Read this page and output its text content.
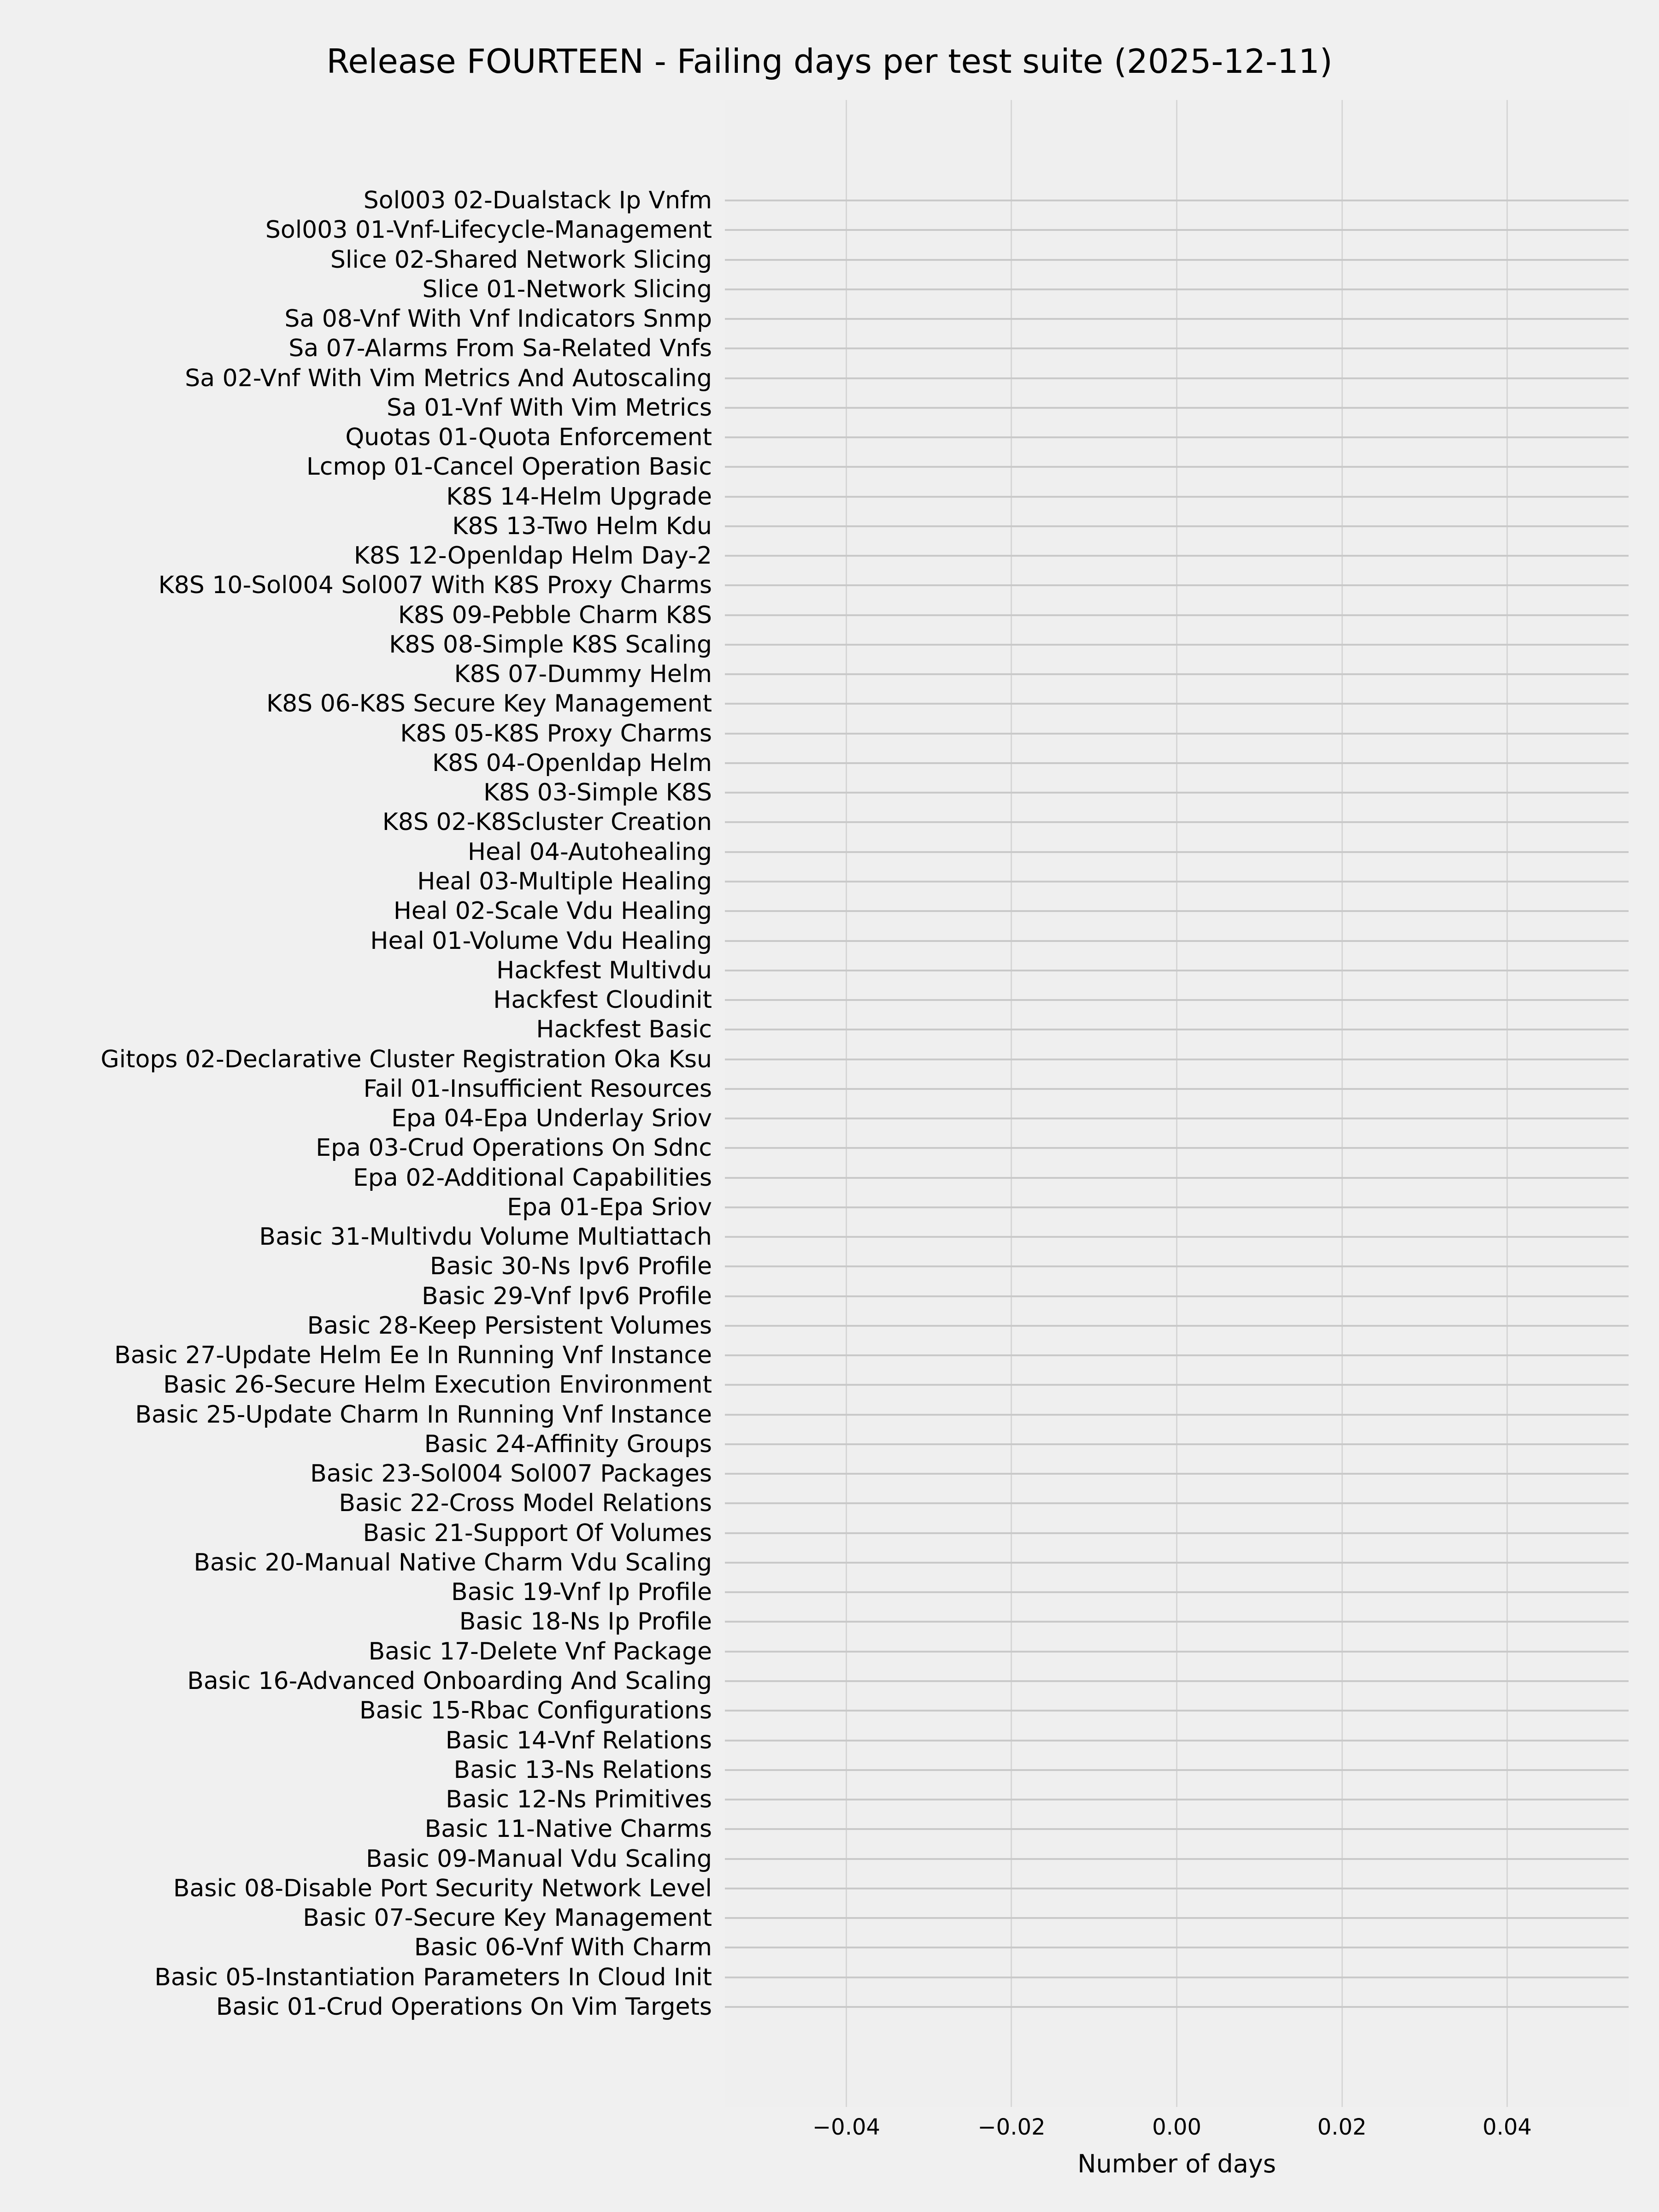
Release FOURTEEN - Failing days per test suite (2025-12-11)
Sol003 02-Dualstack Ip Vnfm
Sol003 01-Vnf-Lifecycle-Management
Slice 02-Shared Network Slicing
Slice 01-Network Slicing
Sa 08-Vnf With Vnf Indicators Snmp
Sa 07-Alarms From Sa-Related Vnfs
Sa 02-Vnf With Vim Metrics And Autoscaling
Sa 01-Vnf With Vim Metrics
Quotas 01-Quota Enforcement
Lcmop 01-Cancel Operation Basic
K8S 14-Helm Upgrade
K8S 13-Two Helm Kdu
K8S 12-Openldap Helm Day-2
K8S 10-Sol004 Sol007 With K8S Proxy Charms
K8S 09-Pebble Charm K8S
K8S 08-Simple K8S Scaling
K8S 07-Dummy Helm
K8S 06-K8S Secure Key Management
K8S 05-K8S Proxy Charms
K8S 04-Openldap Helm
K8S 03-Simple K8S
K8S 02-K8Scluster Creation
Heal 04-Autohealing
Heal 03-Multiple Healing
Heal 02-Scale Vdu Healing
Heal 01-Volume Vdu Healing
Hackfest Multivdu
Hackfest Cloudinit
Hackfest Basic
Gitops 02-Declarative Cluster Registration Oka Ksu
Fail 01-Insufficient Resources
Epa 04-Epa Underlay Sriov
Epa 03-Crud Operations On Sdnc
Epa 02-Additional Capabilities
Epa 01-Epa Sriov
Basic 31-Multivdu Volume Multiattach
Basic 30-Ns Ipv6 Profile
Basic 29-Vnf Ipv6 Profile
Basic 28-Keep Persistent Volumes
Basic 27-Update Helm Ee In Running Vnf Instance
Basic 26-Secure Helm Execution Environment
Basic 25-Update Charm In Running Vnf Instance
Basic 24-Affinity Groups
Basic 23-Sol004 Sol007 Packages
Basic 22-Cross Model Relations
Basic 21-Support Of Volumes
Basic 20-Manual Native Charm Vdu Scaling
Basic 19-Vnf Ip Profile
Basic 18-Ns Ip Profile
Basic 17-Delete Vnf Package
Basic 16-Advanced Onboarding And Scaling
Basic 15-Rbac Configurations
Basic 14-Vnf Relations
Basic 13-Ns Relations
Basic 12-Ns Primitives
Basic 11-Native Charms
Basic 09-Manual Vdu Scaling
Basic 08-Disable Port Security Network Level
Basic 07-Secure Key Management
Basic 06-Vnf With Charm
Basic 05-Instantiation Parameters In Cloud Init
Basic 01-Crud Operations On Vim Targets
−0.04	−0.02	0.00	0.02	0.04
Number of days
